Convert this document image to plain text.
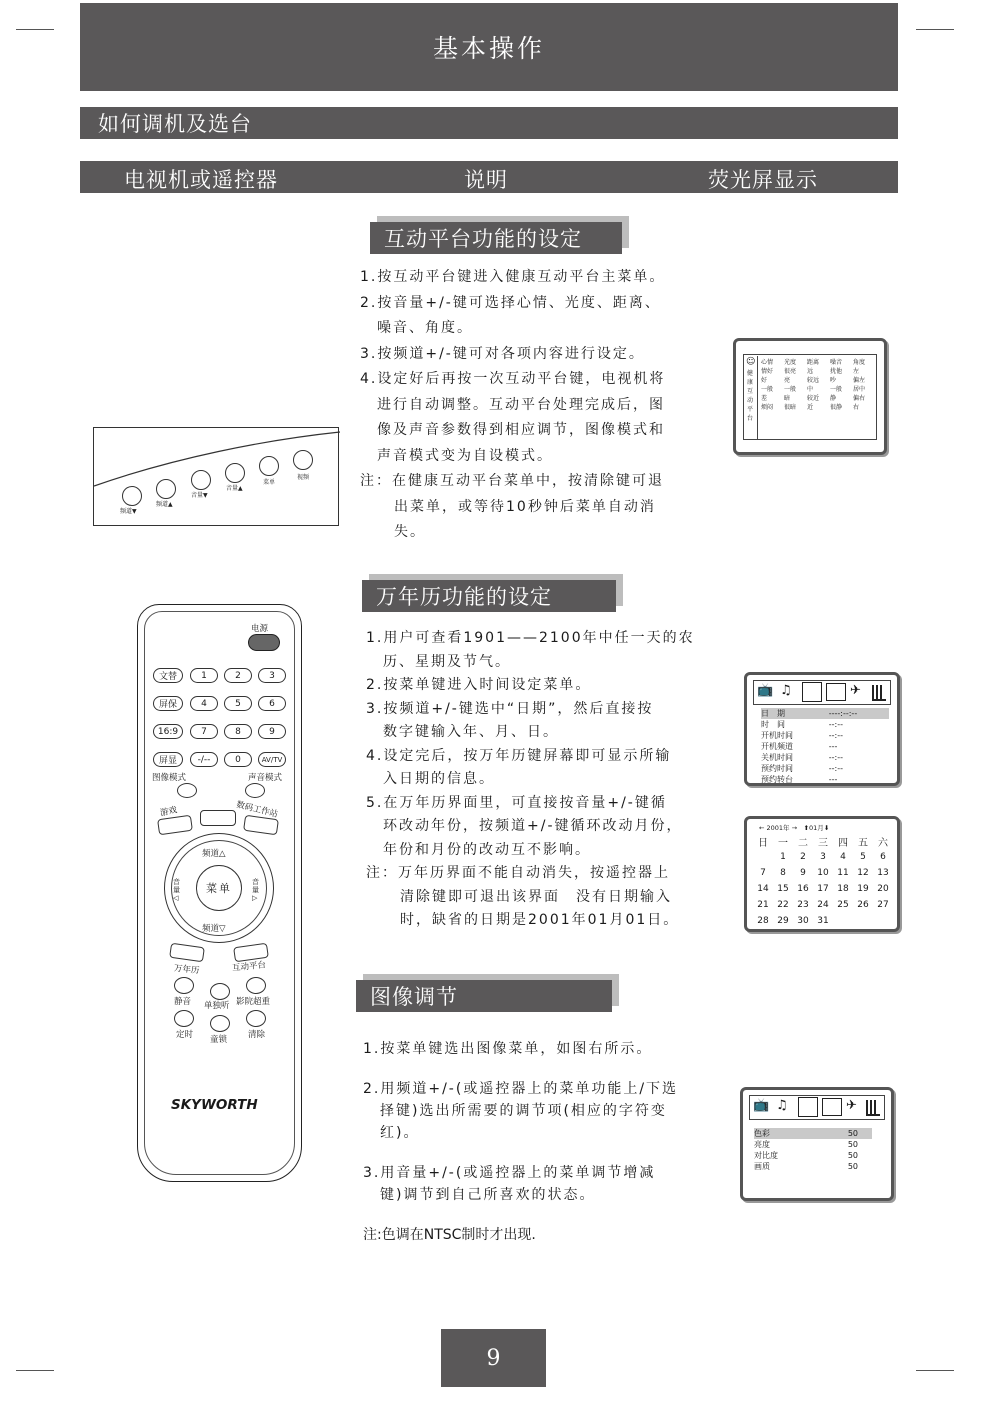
基本操作
如何调机及选台
电视机或遥控器	说明	荧光屏显示
互动平台功能的设定

1.按互动平台键进入健康互动平台主菜单。

2.按音量+/-键可选择心情、光度、距离、

噪音、角度。

3.按频道+/-键可对各项内容进行设定。

4.设定好后再按一次互动平台键，电视机将

进行自动调整。互动平台处理完成后，图

像及声音参数得到相应调节，图像模式和

声音模式变为自设模式。

注：在健康互动平台菜单中，按清除键可退

出菜单，或等待10秒钟后菜单自动消

失。

☺
健
康
互
动
平
台
心情	光度	距离	噪音	角度
情好	很亮	远	扰他	左
好	亮	较远	吵	偏左
一般	一般	中	一般	居中
差	暗	较近	静	偏右
烦闷	很暗	近	很静	右
频道▼
频道▲
音量▼
音量▲
菜单
视频
万年历功能的设定

1.用户可查看1901——2100年中任一天的农

历、星期及节气。

2.按菜单键进入时间设定菜单。

3.按频道+/-键选中“日期”，然后直接按

数字键输入年、月、日。

4.设定完后，按万年历键屏幕即可显示所输

入日期的信息。

5.在万年历界面里，可直接按音量+/-键循

环改动年份，按频道+/-键循环改动月份，

年份和月份的改动互不影响。

注：万年历界面不能自动消失，按遥控器上

清除键即可退出该界面　没有日期输入

时，缺省的日期是2001年01月01日。

📺 ♫	✈
日　期	----:--:--
时　间	--:--
开机时间	--:--
开机频道	---
关机时间	--:--
预约时间	--:--
预约转台	---
← 2001年 →　⬆01月⬇
日	一	二	三	四	五	六
	1	2	3	4	5	6
7	8	9	10	11	12	13
14	15	16	17	18	19	20
21	22	23	24	25	26	27
28	29	30	31			
图像调节

1.按菜单键选出图像菜单，如图右所示。

2.用频道+/-(或遥控器上的菜单功能上/下选

择键)选出所需要的调节项(相应的字符变

红)。

3.用音量+/-(或遥控器上的菜单调节增减

键)调节到自己所喜欢的状态。

注:色调在NTSC制时才出现.

📺 ♫	✈
色彩	50
亮度	50
对比度	50
画质	50
电源
文替	1	2	3
屏保	4	5	6
16:9	7	8	9
屏显	-/--	0	AV/TV
图像模式	声音模式
游戏	数码工作站
菜单
频道△
频道▽
音量◁
音量▷
万年历	互动平台
静音 单独听 影院超重
定时 童锁 清除
SKYWORTH
9
